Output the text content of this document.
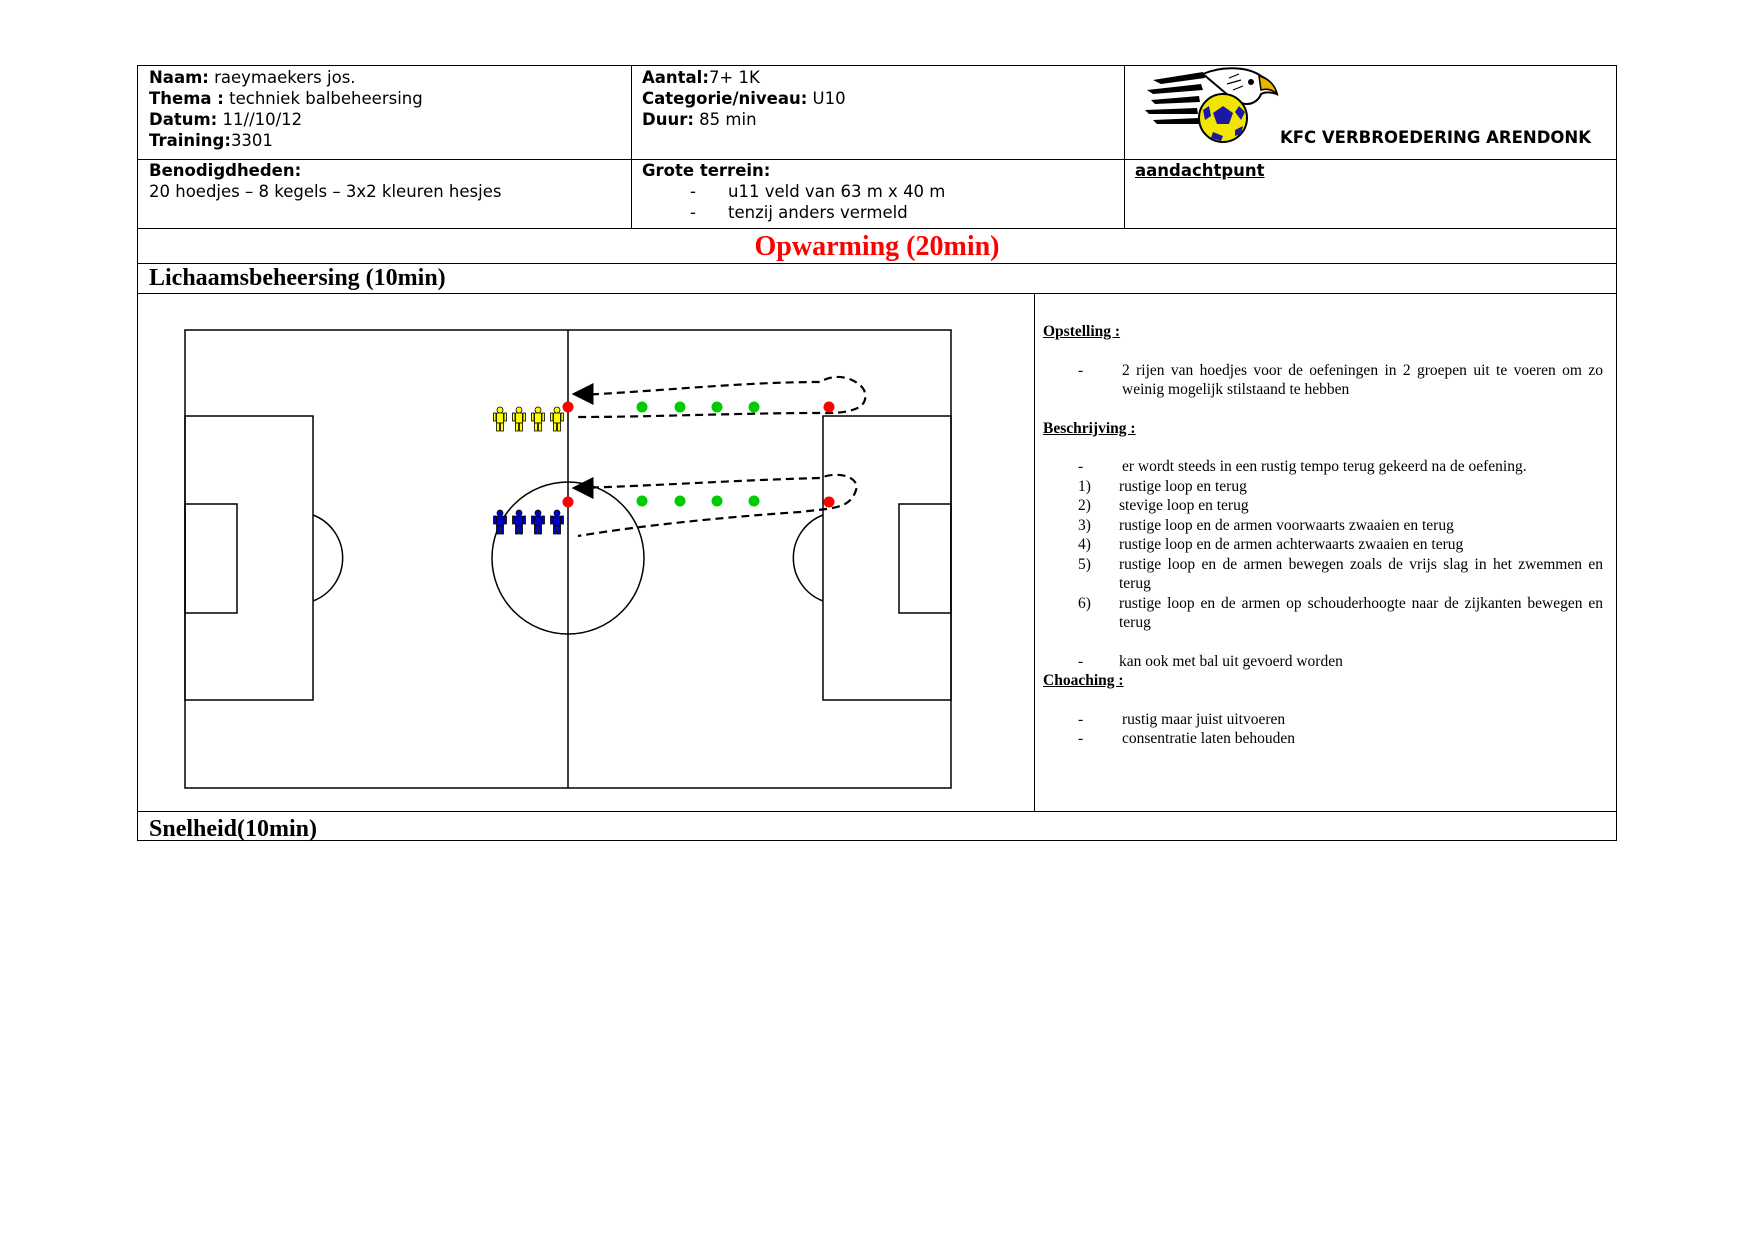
Naam: raeymaekers jos.
Thema : techniek balbeheersing
Datum: 11//10/12
Training:3301
Aantal:7+ 1K
Categorie/niveau: U10
Duur: 85 min
KFC VERBROEDERING ARENDONK
Benodigdheden:
20 hoedjes – 8 kegels – 3x2 kleuren hesjes
Grote terrein:
- u11 veld van 63 m x 40 m
- tenzij anders vermeld
aandachtpunt
Opwarming (20min)
Lichaamsbeheersing (10min)
Opstelling :
-	2 rijen van hoedjes voor de oefeningen in 2 groepen uit te voeren om zo weinig mogelijk stilstaand te hebben
Beschrijving :
-	er wordt steeds in een rustig tempo terug gekeerd na de oefening.
1) rustige loop en terug
2) stevige loop en terug
3) rustige loop en de armen voorwaarts zwaaien en terug
4) rustige loop en de armen achterwaarts zwaaien en terug
5) rustige loop en de armen bewegen zoals de vrijs slag in het zwemmen en terug
6) rustige loop en de armen op schouderhoogte naar de zijkanten bewegen en terug
- kan ook met bal uit gevoerd worden
Choaching :
-	rustig maar juist uitvoeren
-	consentratie laten behouden
Snelheid(10min)
